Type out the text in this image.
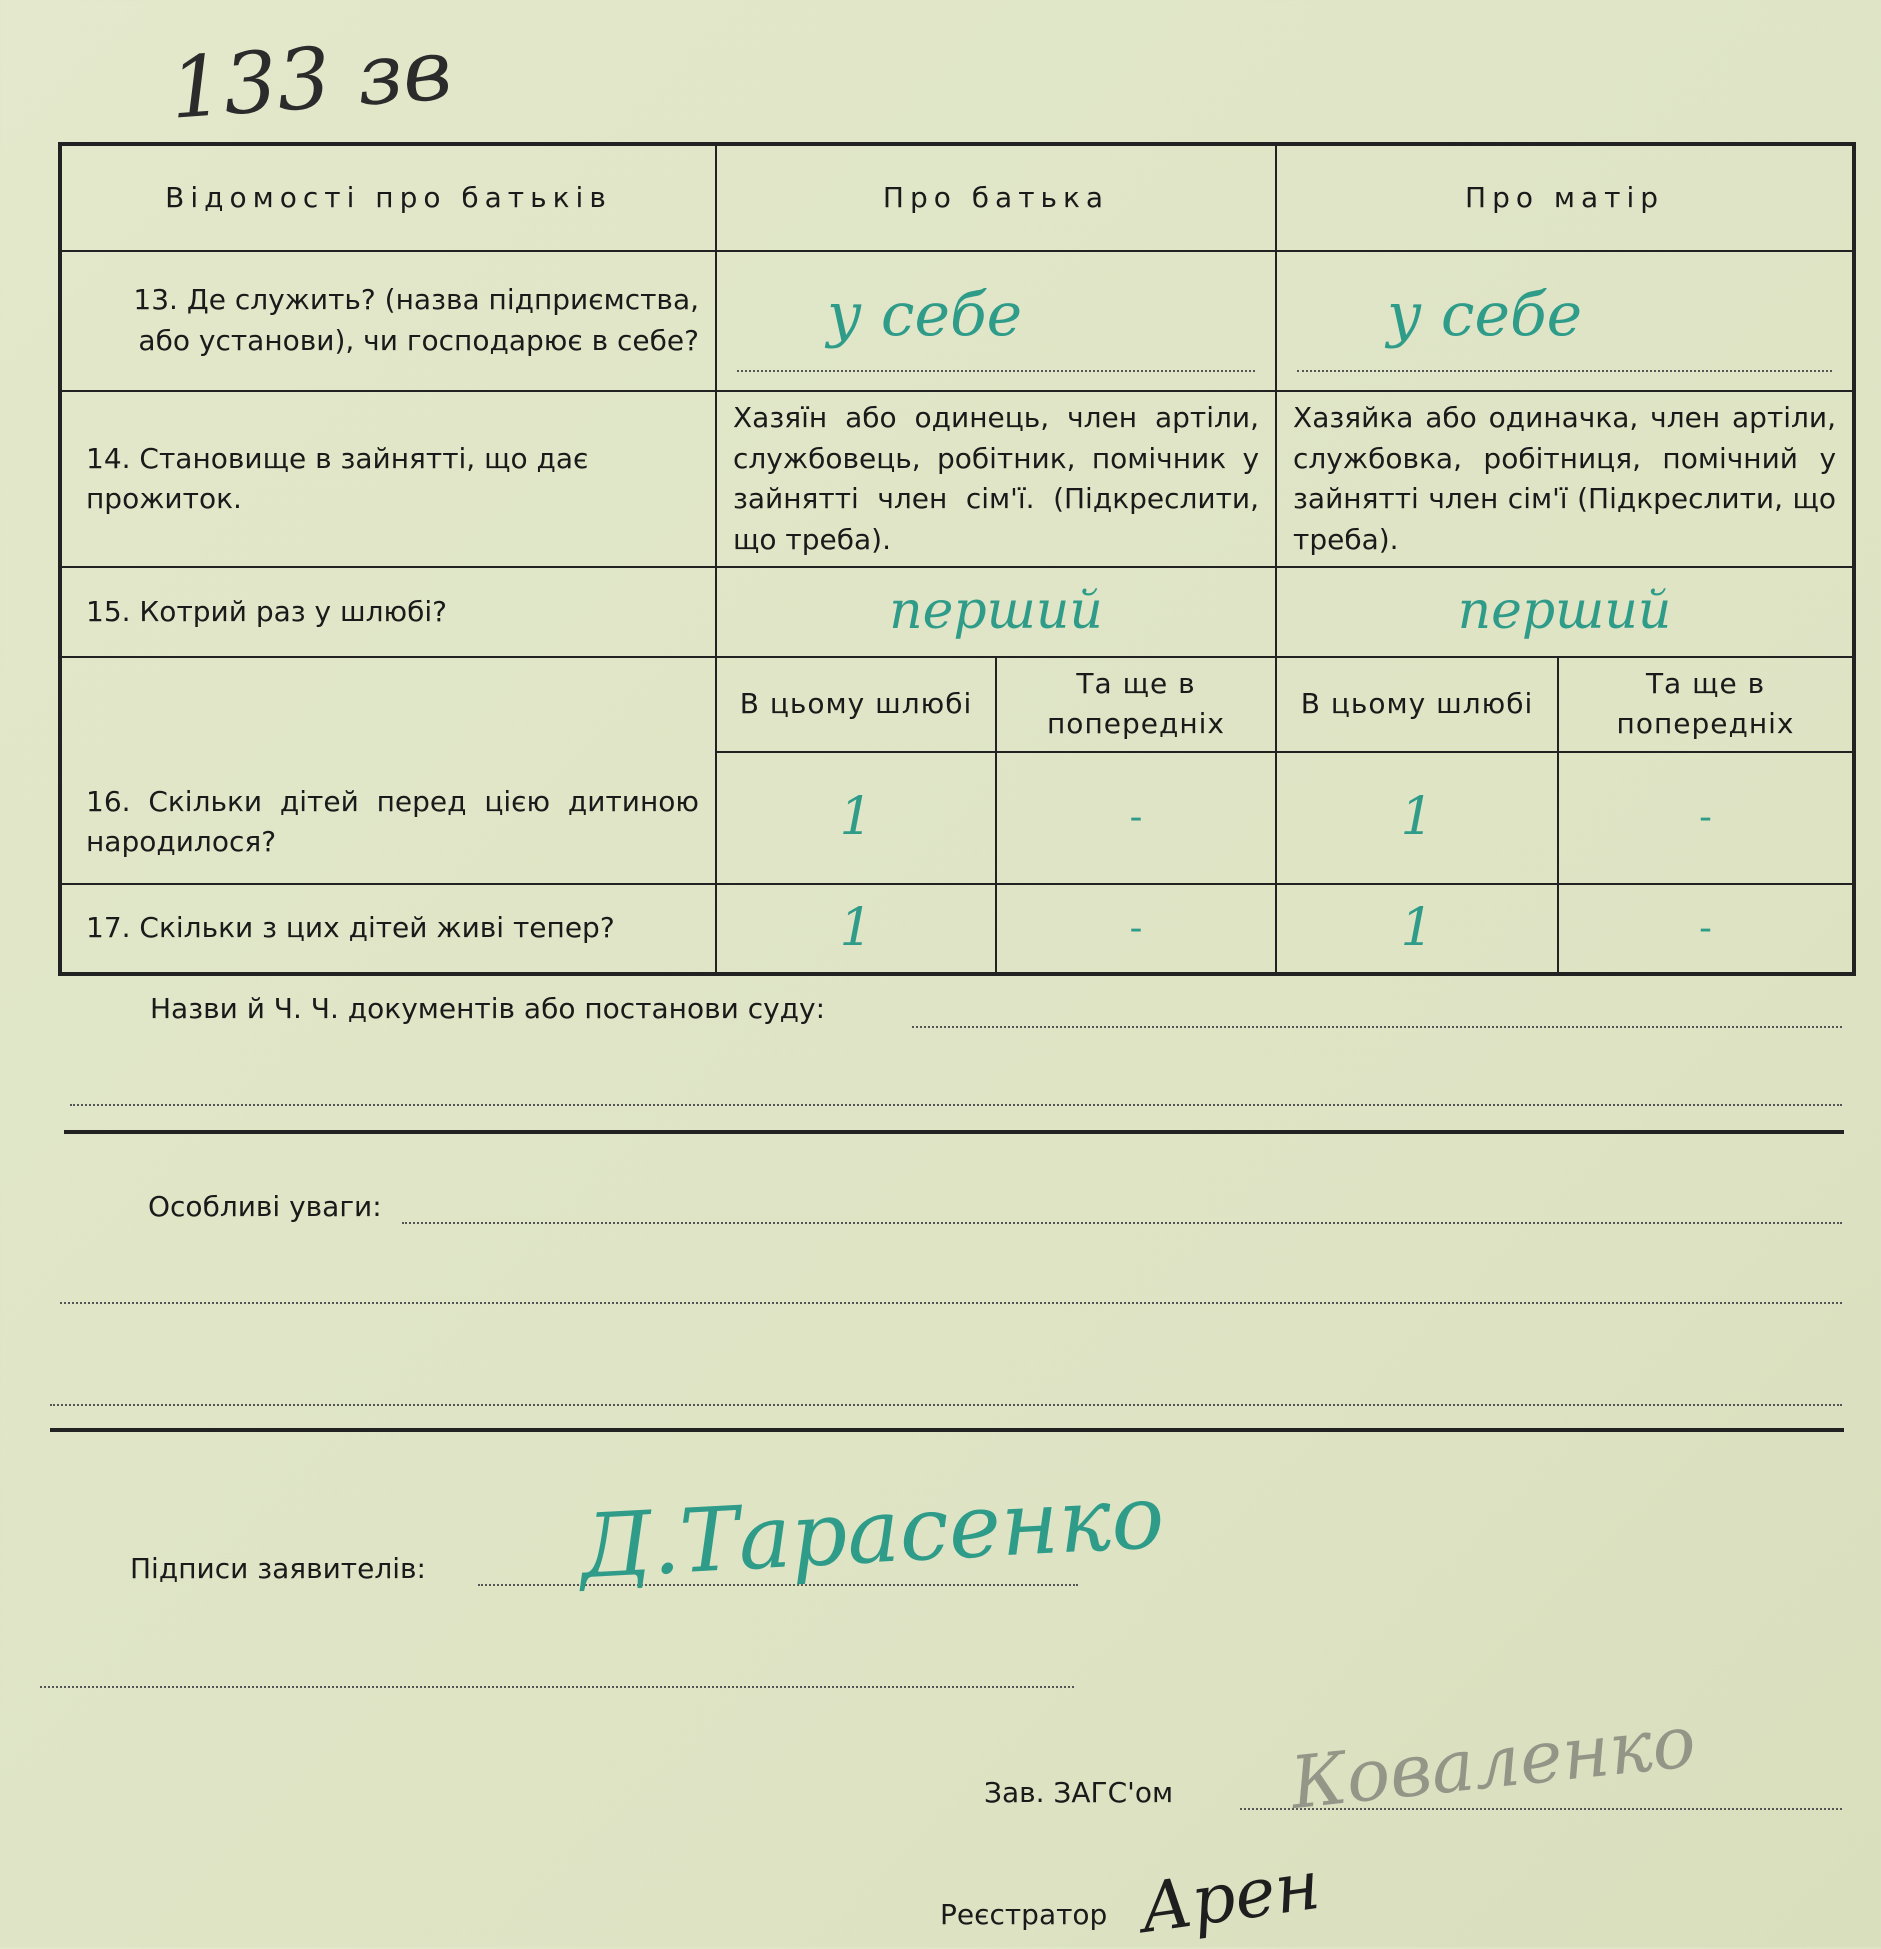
133 зв
Відомості про батьків	Про батька		Про матір	
13. Де служить? (назва підприємства, або установи), чи господарює в себе?	у себе		у себе	

14. Становище в зайнятті, що дає прожиток.	Хазяїн або одинець, член артіли, службовець, робітник, помічник у зайнятті член сім'ї. (Підкреслити, що треба).		Хазяйка або одиначка, член артіли, службовка, робітниця, помічний у зайнятті член сім'ї (Підкреслити, що треба).	
15. Котрий раз у шлюбі?	перший		перший	
16. Скільки дітей перед цією дитиною народилося?	В цьому шлюбі	Та ще в попередніх	В цьому шлюбі	Та ще в попередніх
	1	-	1	-
17. Скільки з цих дітей живі тепер?	1	-	1	-
Назви й Ч. Ч. документів або постанови суду:
Особливі уваги:
Підписи заявителів: Д.Тарасенко
Зав. ЗАГС'ом Коваленко
Реєстратор Арен
